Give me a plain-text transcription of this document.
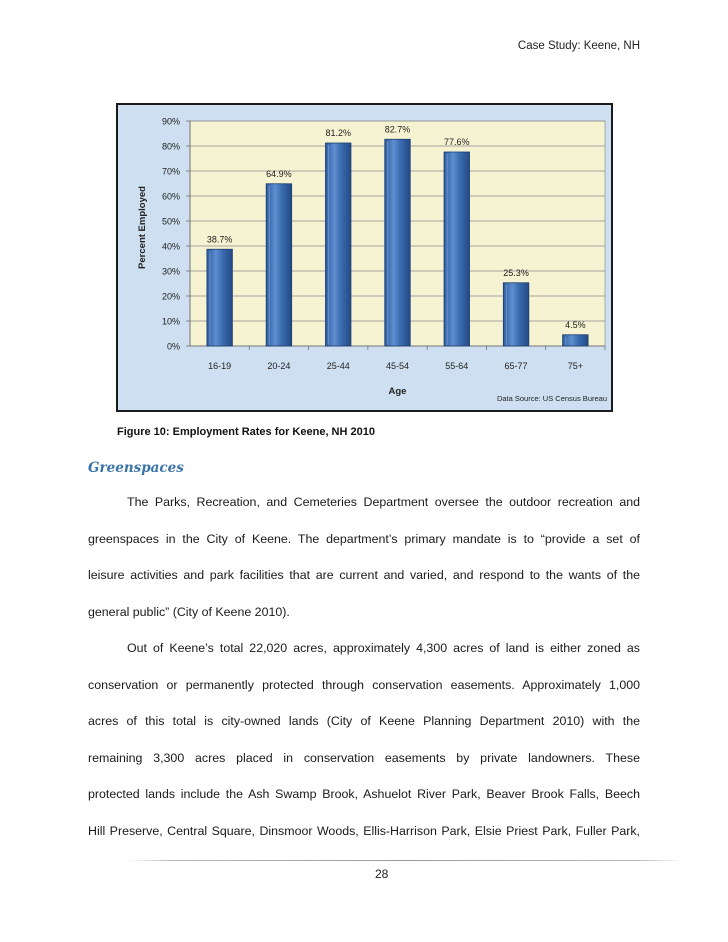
Case Study: Keene, NH
0%
10%
20%
30%
40%
50%
60%
70%
80%
90%
38.7%
16-19
64.9%
20-24
81.2%
25-44
82.7%
45-54
77.6%
55-64
25.3%
65-77
4.5%
75+
Age
Percent Employed
Data Source: US Census Bureau
Figure 10: Employment Rates for Keene, NH 2010
Greenspaces
The Parks, Recreation, and Cemeteries Department oversee the outdoor recreation and
greenspaces in the City of Keene. The department’s primary mandate is to “provide a set of
leisure activities and park facilities that are current and varied, and respond to the wants of the
general public” (City of Keene 2010).
Out of Keene’s total 22,020 acres, approximately 4,300 acres of land is either zoned as
conservation or permanently protected through conservation easements. Approximately 1,000
acres of this total is city-owned lands (City of Keene Planning Department 2010) with the
remaining 3,300 acres placed in conservation easements by private landowners. These
protected lands include the Ash Swamp Brook, Ashuelot River Park, Beaver Brook Falls, Beech
Hill Preserve, Central Square, Dinsmoor Woods, Ellis-Harrison Park, Elsie Priest Park, Fuller Park,
28
